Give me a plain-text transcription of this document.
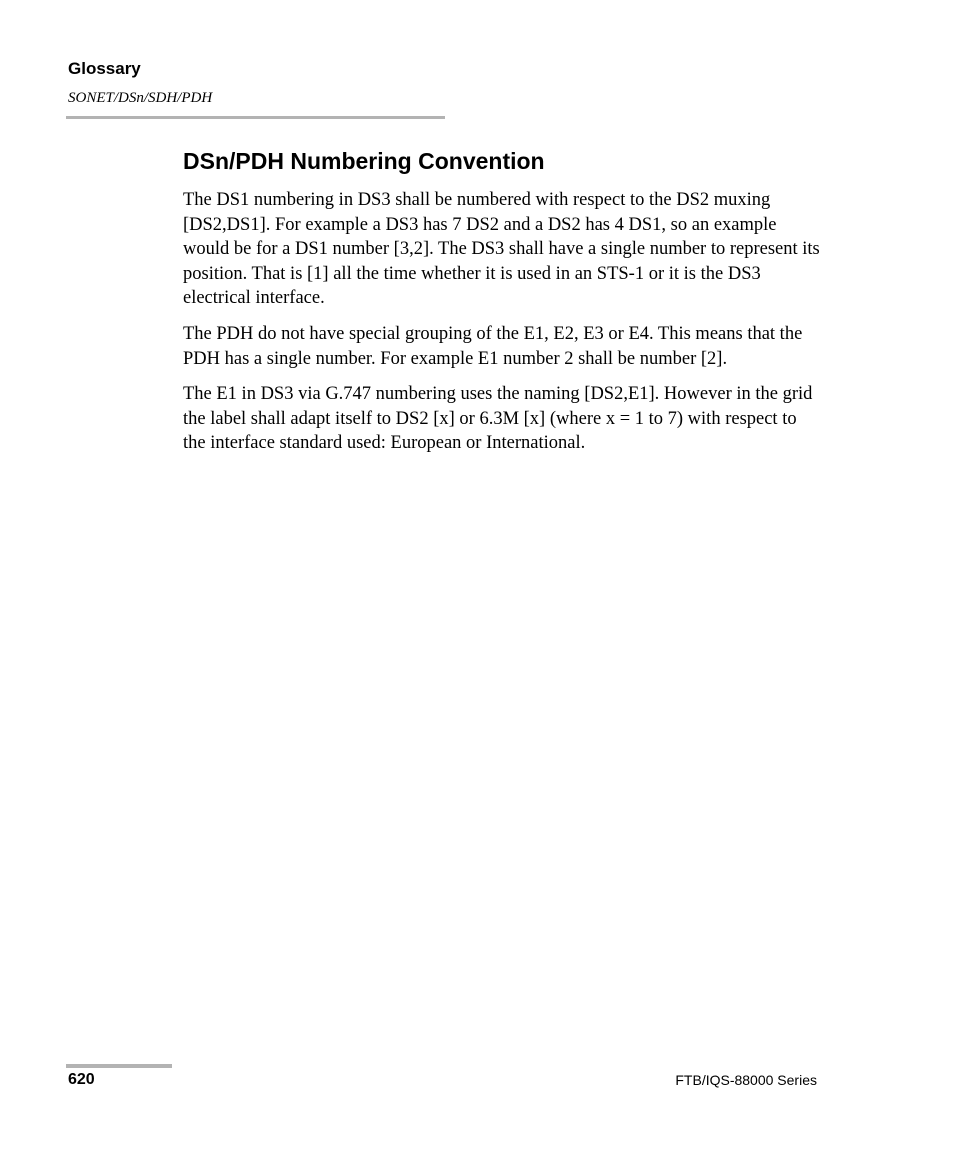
Glossary
SONET/DSn/SDH/PDH
DSn/PDH Numbering Convention

The DS1 numbering in DS3 shall be numbered with respect to the DS2 muxing [DS2,DS1]. For example a DS3 has 7 DS2 and a DS2 has 4 DS1, so an example would be for a DS1 number [3,2]. The DS3 shall have a single number to represent its position. That is [1] all the time whether it is used in an STS-1 or it is the DS3 electrical interface.

The PDH do not have special grouping of the E1, E2, E3 or E4. This means that the PDH has a single number. For example E1 number 2 shall be number [2].

The E1 in DS3 via G.747 numbering uses the naming [DS2,E1]. However in the grid the label shall adapt itself to DS2 [x] or 6.3M [x] (where x = 1 to 7) with respect to the interface standard used: European or International.

620	FTB/IQS-88000 Series
